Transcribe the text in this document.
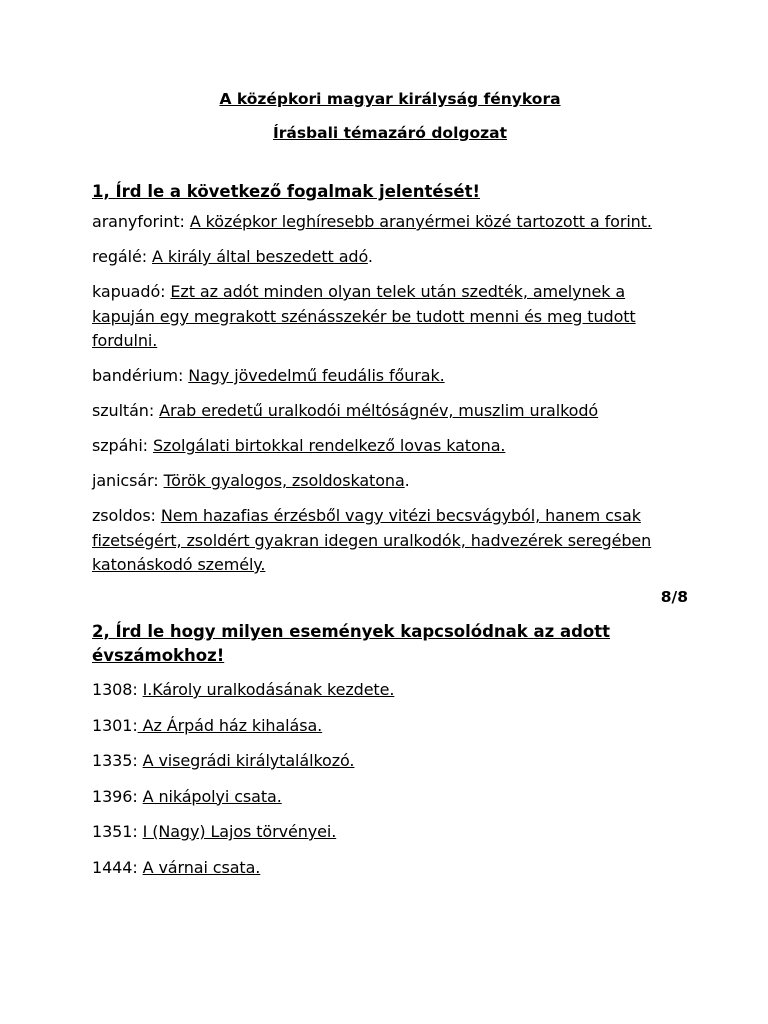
A középkori magyar királyság fénykora

Írásbali témazáró dolgozat

1, Írd le a következő fogalmak jelentését!

aranyforint: A középkor leghíresebb aranyérmei közé tartozott a forint.

regálé: A király által beszedett adó.

kapuadó: Ezt az adót minden olyan telek után szedték, amelynek a kapuján egy megrakott szénásszekér be tudott menni és meg tudott fordulni.

bandérium: Nagy jövedelmű feudális főurak.

szultán: Arab eredetű uralkodói méltóságnév, muszlim uralkodó

szpáhi: Szolgálati birtokkal rendelkező lovas katona.

janicsár: Török gyalogos, zsoldoskatona.

zsoldos: Nem hazafias érzésből vagy vitézi becsvágyból, hanem csak fizetségért, zsoldért gyakran idegen uralkodók, hadvezérek seregében katonáskodó személy.

8/8

2, Írd le hogy milyen események kapcsolódnak az adott évszámokhoz!

1308: I.Károly uralkodásának kezdete.

1301: Az Árpád ház kihalása.

1335: A visegrádi királytalálkozó.

1396: A nikápolyi csata.

1351: I (Nagy) Lajos törvényei.

1444: A várnai csata.
